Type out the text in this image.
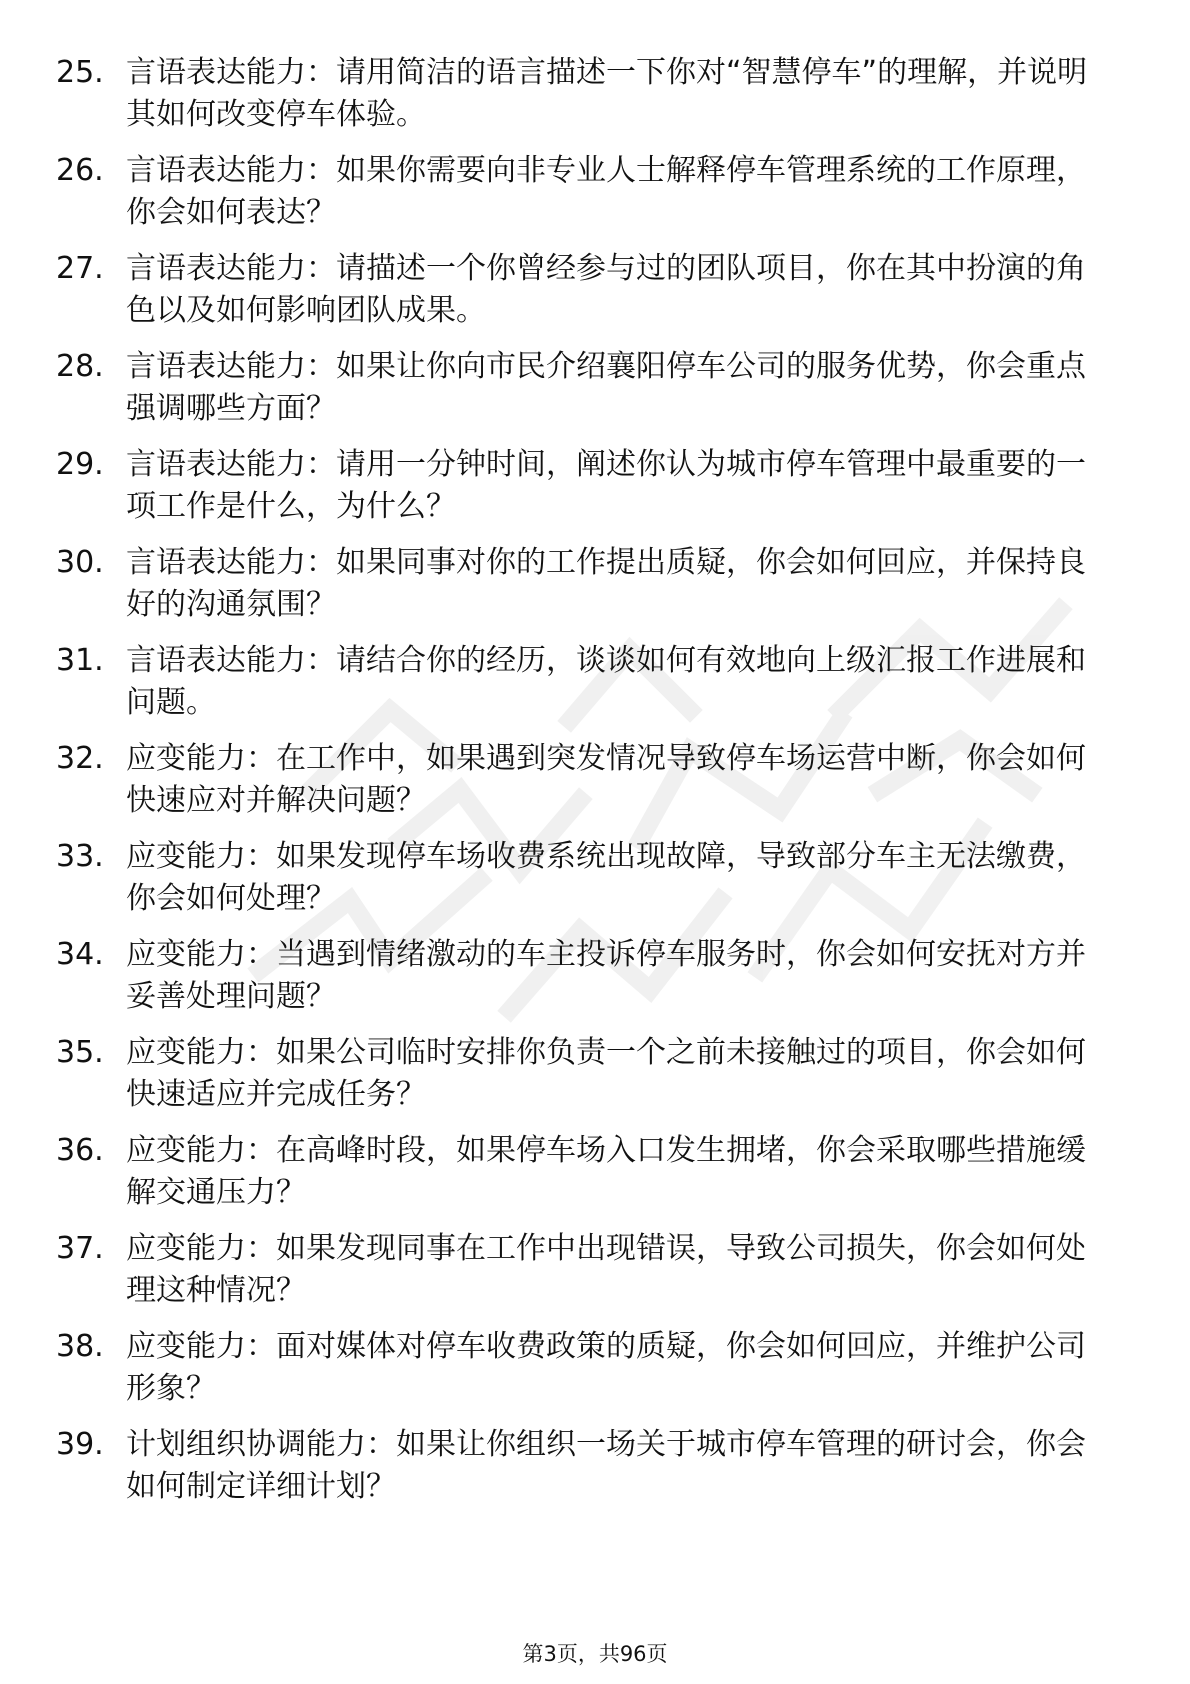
25. 言语表达能力：请用简洁的语言描述一下你对“智慧停车”的理解，并说明其如何改变停车体验。
26. 言语表达能力：如果你需要向非专业人士解释停车管理系统的工作原理，你会如何表达？
27. 言语表达能力：请描述一个你曾经参与过的团队项目，你在其中扮演的角色以及如何影响团队成果。
28. 言语表达能力：如果让你向市民介绍襄阳停车公司的服务优势，你会重点强调哪些方面？
29. 言语表达能力：请用一分钟时间，阐述你认为城市停车管理中最重要的一项工作是什么，为什么？
30. 言语表达能力：如果同事对你的工作提出质疑，你会如何回应，并保持良好的沟通氛围？
31. 言语表达能力：请结合你的经历，谈谈如何有效地向上级汇报工作进展和问题。
32. 应变能力：在工作中，如果遇到突发情况导致停车场运营中断，你会如何快速应对并解决问题？
33. 应变能力：如果发现停车场收费系统出现故障，导致部分车主无法缴费，你会如何处理？
34. 应变能力：当遇到情绪激动的车主投诉停车服务时，你会如何安抚对方并妥善处理问题？
35. 应变能力：如果公司临时安排你负责一个之前未接触过的项目，你会如何快速适应并完成任务？
36. 应变能力：在高峰时段，如果停车场入口发生拥堵，你会采取哪些措施缓解交通压力？
37. 应变能力：如果发现同事在工作中出现错误，导致公司损失，你会如何处理这种情况？
38. 应变能力：面对媒体对停车收费政策的质疑，你会如何回应，并维护公司形象？
39. 计划组织协调能力：如果让你组织一场关于城市停车管理的研讨会，你会如何制定详细计划？
第3页，共96页
